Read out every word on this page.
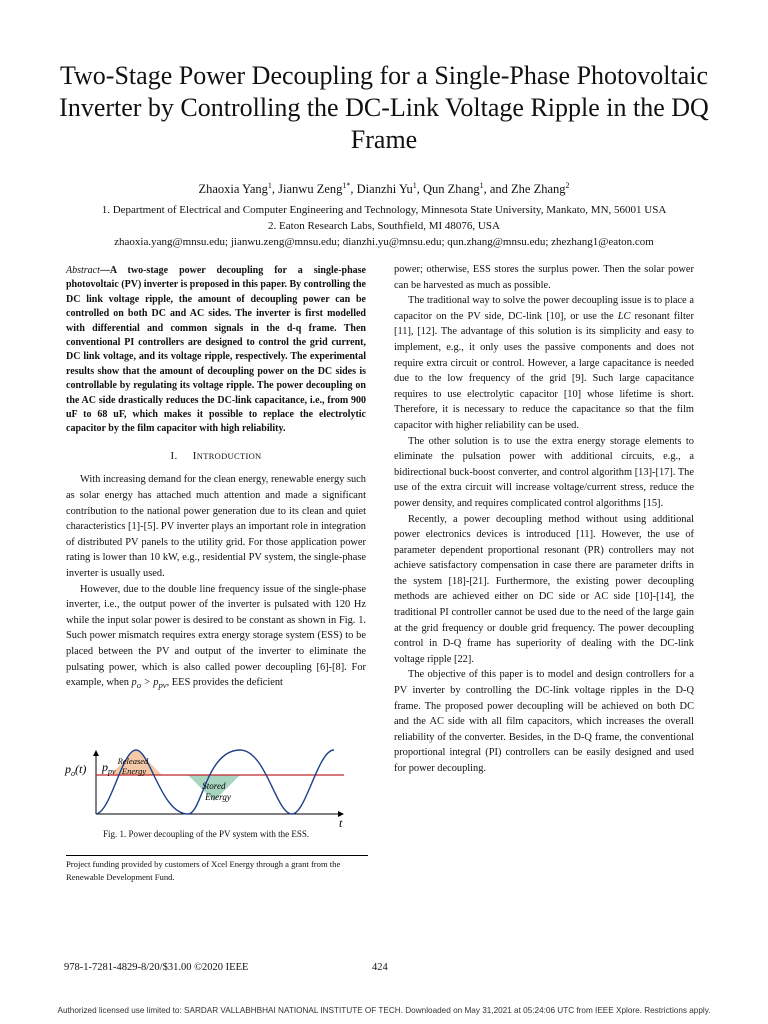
Two-Stage Power Decoupling for a Single-Phase Photovoltaic Inverter by Controlling the DC-Link Voltage Ripple in the DQ Frame
Zhaoxia Yang$^1$, Jianwu Zeng$^{1*}$, Dianzhi Yu$^1$, Qun Zhang$^1$, and Zhe Zhang$^2$
1. Department of Electrical and Computer Engineering and Technology, Minnesota State University, Mankato, MN, 56001 USA
2. Eaton Research Labs, Southfield, MI 48076, USA
zhaoxia.yang@mnsu.edu; jianwu.zeng@mnsu.edu; dianzhi.yu@mnsu.edu; qun.zhang@mnsu.edu; zhezhang1@eaton.com

Abstract—A two-stage power decoupling for a single-phase photovoltaic (PV) inverter is proposed in this paper. By controlling the DC link voltage ripple, the amount of decoupling power can be controlled on both DC and AC sides. The inverter is first modelled with differential and common signals in the d-q frame. Then conventional PI controllers are designed to control the grid current, DC link voltage, and its voltage ripple, respectively. The experimental results show that the amount of decoupling power on the DC sides is controllable by regulating its voltage ripple. The power decoupling on the AC side drastically reduces the DC-link capacitance, i.e., from 900 uF to 68 uF, which makes it possible to replace the electrolytic capacitor by the film capacitor with high reliability.

I. INTRODUCTION

With increasing demand for the clean energy, renewable energy such as solar energy has attached much attention and made a significant contribution to the national power generation due to its clean and quiet characteristics [1]-[5]. PV inverter plays an important role in integration of distributed PV panels to the utility grid. For those application power rating is lower than 10 kW, e.g., residential PV system, the single-phase inverter is usually used.

However, due to the double line frequency issue of the single-phase inverter, i.e., the output power of the inverter is pulsated with 120 Hz while the input solar power is desired to be constant as shown in Fig. 1. Such power mismatch requires extra energy storage system (ESS) to be placed between the PV and output of the inverter to eliminate the pulsating power, which is also called power decoupling [6]-[8]. For example, when $p_o > p_{pv}$, EES provides the deficient

$p_o(t)$ $p_{pv}$
Released Energy
Stored Energy
t
Fig. 1. Power decoupling of the PV system with the ESS.
Project funding provided by customers of Xcel Energy through a grant from the Renewable Development Fund.

power; otherwise, ESS stores the surplus power. Then the solar power can be harvested as much as possible.

The traditional way to solve the power decoupling issue is to place a capacitor on the PV side, DC-link [10], or use the LC resonant filter [11], [12]. The advantage of this solution is its simplicity and easy to implement, e.g., it only uses the passive components and does not require extra circuit or control. However, a large capacitance is needed due to the low frequency of the grid [9]. Such large capacitance requires to use electrolytic capacitor [10] whose lifetime is short. Therefore, it is necessary to reduce the capacitance so that the film capacitor with higher reliability can be used.

The other solution is to use the extra energy storage elements to eliminate the pulsation power with additional circuits, e.g., a bidirectional buck-boost converter, and control algorithm [13]-[17]. The use of the extra circuit will increase voltage/current stress, reduce the power density, and requires complicated control algorithms [15].

Recently, a power decoupling method without using additional power electronics devices is introduced [11]. However, the use of parameter dependent proportional resonant (PR) controllers may not achieve satisfactory compensation in case there are parameter drifts in the system [18]-[21]. Furthermore, the existing power decoupling methods are achieved either on DC side or AC side [10]-[14], the traditional PI controller cannot be used due to the need of the large gain at the grid frequency or double grid frequency. The power decoupling control in D-Q frame has superiority of dealing with the DC-link voltage ripple [22].

The objective of this paper is to model and design controllers for a PV inverter by controlling the DC-link voltage ripples in the D-Q frame. The proposed power decoupling will be achieved on both DC and the AC side with all film capacitors, which increases the overall reliability of the converter. Besides, in the D-Q frame, the conventional proportional integral (PI) controllers can be easily designed and used for power decoupling.

978-1-7281-4829-8/20/$31.00 ©2020 IEEE	424
Authorized licensed use limited to: SARDAR VALLABHBHAI NATIONAL INSTITUTE OF TECH. Downloaded on May 31,2021 at 05:24:06 UTC from IEEE Xplore. Restrictions apply.
